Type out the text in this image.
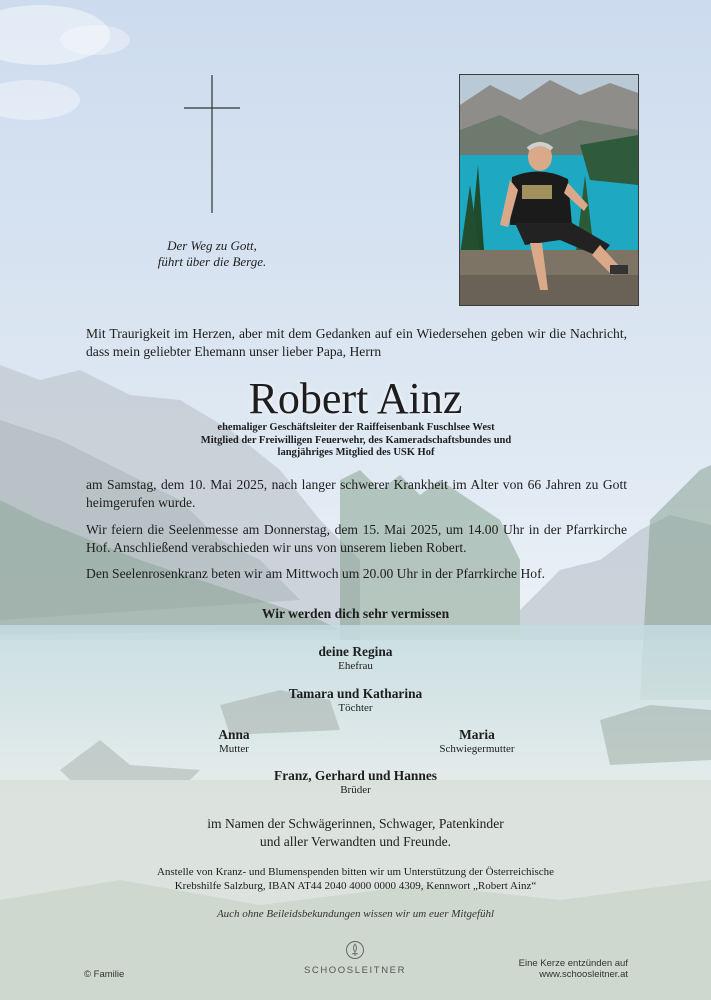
Der Weg zu Gott,
führt über die Berge.
Mit Traurigkeit im Herzen, aber mit dem Gedanken auf ein Wiedersehen geben wir die Nachricht, dass mein geliebter Ehemann unser lieber Papa, Herrn
Robert Ainz
ehemaliger Geschäftsleiter der Raiffeisenbank Fuschlsee West
Mitglied der Freiwilligen Feuerwehr, des Kameradschaftsbundes und
langjähriges Mitglied des USK Hof
am Samstag, dem 10. Mai 2025, nach langer schwerer Krankheit im Alter von 66 Jahren zu Gott heimgerufen wurde.
Wir feiern die Seelenmesse am Donnerstag, dem 15. Mai 2025, um 14.00 Uhr in der Pfarrkirche Hof. Anschließend verabschieden wir uns von unserem lieben Robert.
Den Seelenrosenkranz beten wir am Mittwoch um 20.00 Uhr in der Pfarrkirche Hof.
Wir werden dich sehr vermissen
deine Regina
Ehefrau
Tamara und Katharina
Töchter
Anna
Mutter
Maria
Schwiegermutter
Franz, Gerhard und Hannes
Brüder
im Namen der Schwägerinnen, Schwager, Patenkinder
und aller Verwandten und Freunde.
Anstelle von Kranz- und Blumenspenden bitten wir um Unterstützung der Österreichische
Krebshilfe Salzburg, IBAN AT44 2040 4000 0000 4309, Kennwort „Robert Ainz“
Auch ohne Beileidsbekundungen wissen wir um euer Mitgefühl
© Familie	SCHOOSLEITNER
Eine Kerze entzünden auf
www.schoosleitner.at
